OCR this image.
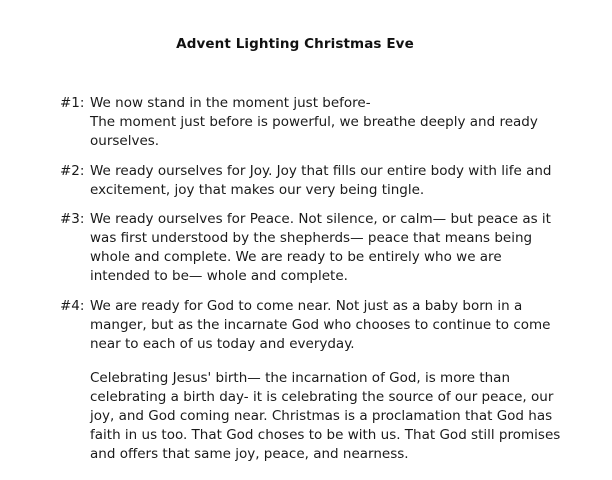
Advent Lighting Christmas Eve
#1: We now stand in the moment just before-
The moment just before is powerful, we breathe deeply and ready ourselves.

#2: We ready ourselves for Joy. Joy that fills our entire body with life and excitement, joy that makes our very being tingle.

#3: We ready ourselves for Peace. Not silence, or calm— but peace as it was first understood by the shepherds— peace that means being whole and complete. We are ready to be entirely who we are intended to be— whole and complete.

#4: We are ready for God to come near. Not just as a baby born in a manger, but as the incarnate God who chooses to continue to come near to each of us today and everyday.

Celebrating Jesus' birth— the incarnation of God, is more than celebrating a birth day- it is celebrating the source of our peace, our joy, and God coming near. Christmas is a proclamation that God has faith in us too. That God choses to be with us. That God still promises and offers that same joy, peace, and nearness.
